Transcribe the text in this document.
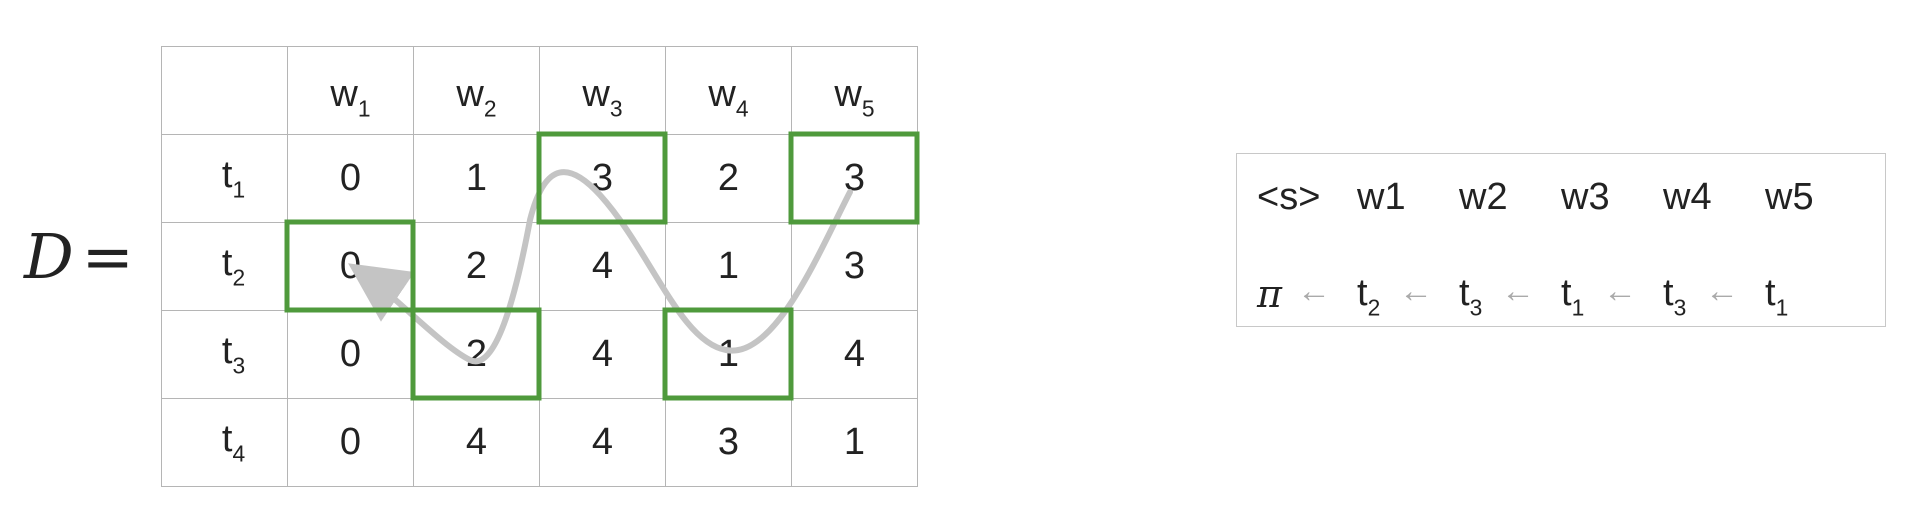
D =
	$w_1$	$w_2$	$w_3$	$w_4$	$w_5$
$t_1$	0	1	3	2	3
$t_2$	0	2	4	1	3
$t_3$	0	2	4	1	4
$t_4$	0	4	4	3	1
<s> w1 w2 w3 w4 w5
π ← $t_2$ ← $t_3$ ← $t_1$ ← $t_3$ ← $t_1$
